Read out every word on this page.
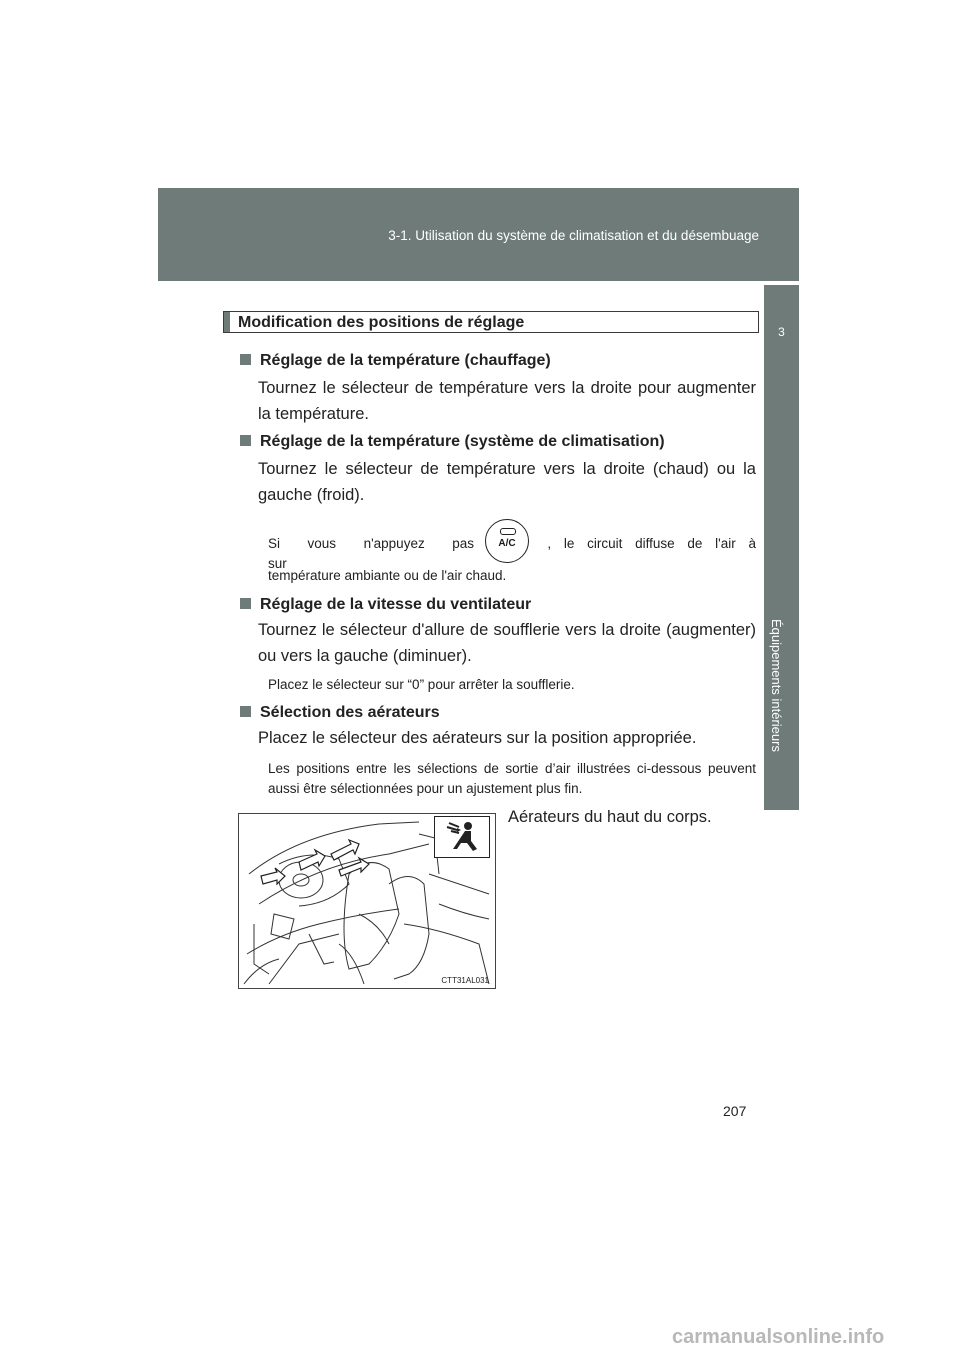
3-1. Utilisation du système de climatisation et du désembuage
3
Équipements intérieurs
Modification des positions de réglage
Réglage de la température (chauffage)
Tournez le sélecteur de température vers la droite pour augmenter la température.
Réglage de la température (système de climatisation)
Tournez le sélecteur de température vers la droite (chaud) ou la gauche (froid).
Si vous n'appuyez pas sur
A/C	, le circuit diffuse de l'air à
température ambiante ou de l'air chaud.
Réglage de la vitesse du ventilateur
Tournez le sélecteur d'allure de soufflerie vers la droite (augmenter) ou vers la gauche (diminuer).
Placez le sélecteur sur “0” pour arrêter la soufflerie.
Sélection des aérateurs
Placez le sélecteur des aérateurs sur la position appropriée.
Les positions entre les sélections de sortie d’air illustrées ci-dessous peuvent aussi être sélectionnées pour un ajustement plus fin.
CTT31AL031
Aérateurs du haut du corps.
207
carmanualsonline.info
